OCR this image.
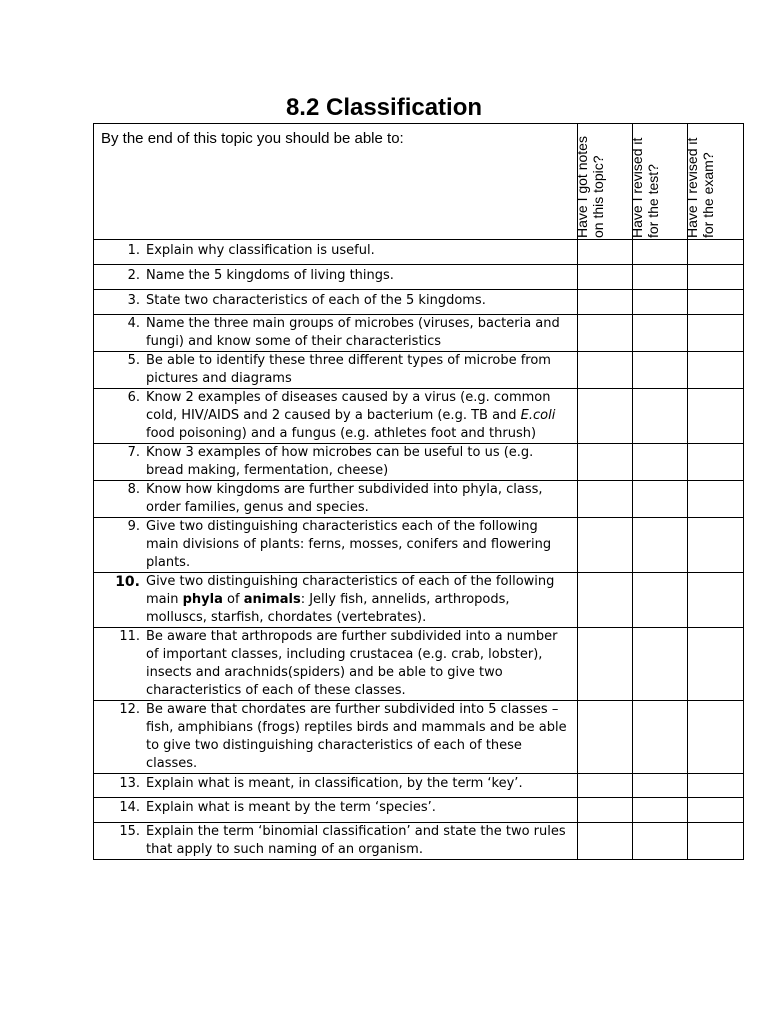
8.2 Classification
By the end of this topic you should be able to:	Have I got notes on this topic?	Have I revised it for the test?	Have I revised it for the exam?

1. Explain why classification is useful.			

2. Name the 5 kingdoms of living things.			

3. State two characteristics of each of the 5 kingdoms.			

4. Name the three main groups of microbes (viruses, bacteria and fungi) and know some of their characteristics			

5. Be able to identify these three different types of microbe from pictures and diagrams			

6. Know 2 examples of diseases caused by a virus (e.g. common cold, HIV/AIDS and 2 caused by a bacterium (e.g. TB and E.coli food poisoning) and a fungus (e.g. athletes foot and thrush)			

7. Know 3 examples of how microbes can be useful to us (e.g. bread making, fermentation, cheese)			

8. Know how kingdoms are further subdivided into phyla, class, order families, genus and species.			

9. Give two distinguishing characteristics each of the following main divisions of plants: ferns, mosses, conifers and flowering plants.			

10. Give two distinguishing characteristics of each of the following main phyla of animals: Jelly fish, annelids, arthropods, molluscs, starfish, chordates (vertebrates).			

11. Be aware that arthropods are further subdivided into a number of important classes, including crustacea (e.g. crab, lobster), insects and arachnids(spiders) and be able to give two characteristics of each of these classes.			

12. Be aware that chordates are further subdivided into 5 classes – fish, amphibians (frogs) reptiles birds and mammals and be able to give two distinguishing characteristics of each of these classes.			

13. Explain what is meant, in classification, by the term ‘key’.			

14. Explain what is meant by the term ‘species’.			

15. Explain the term ‘binomial classification’ and state the two rules that apply to such naming of an organism.			
